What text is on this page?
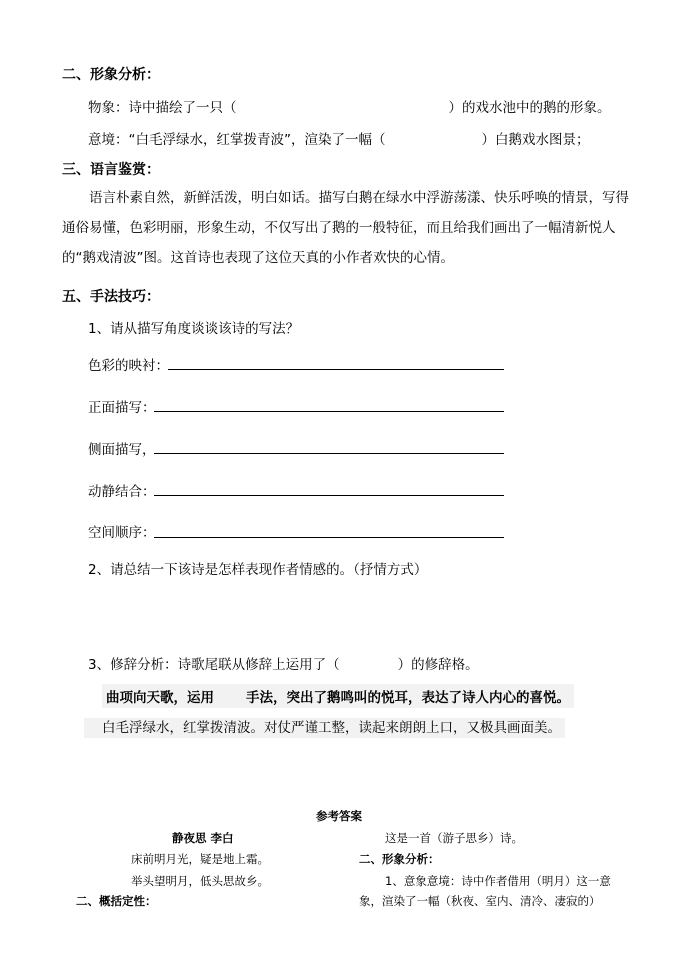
二、形象分析：
物象：诗中描绘了一只（	）的戏水池中的鹅的形象。
意境：“白毛浮绿水，红掌拨青波”，渲染了一幅（	）白鹅戏水图景；
三、语言鉴赏：
语言朴素自然，新鲜活泼，明白如话。描写白鹅在绿水中浮游荡漾、快乐呼唤的情景，写得通俗易懂，色彩明丽，形象生动，不仅写出了鹅的一般特征，而且给我们画出了一幅清新悦人的“鹅戏清波”图。这首诗也表现了这位天真的小作者欢快的心情。
五、手法技巧：
1、请从描写角度谈谈该诗的写法？
色彩的映衬：
正面描写：
侧面描写，
动静结合：
空间顺序：
2、请总结一下该诗是怎样表现作者情感的。（抒情方式）
3、修辞分析：诗歌尾联从修辞上运用了（	）的修辞格。
曲项向天歌，运用 手法，突出了鹅鸣叫的悦耳，表达了诗人内心的喜悦。
白毛浮绿水，红掌拨清波。对仗严谨工整，读起来朗朗上口，又极具画面美。
参考答案
静夜思 李白
床前明月光，疑是地上霜。
举头望明月，低头思故乡。
二、概括定性：
这是一首（游子思乡）诗。
二、形象分析：
1、意象意境：诗中作者借用（明月）这一意
象，渲染了一幅（秋夜、室内、清冷、凄寂的）
